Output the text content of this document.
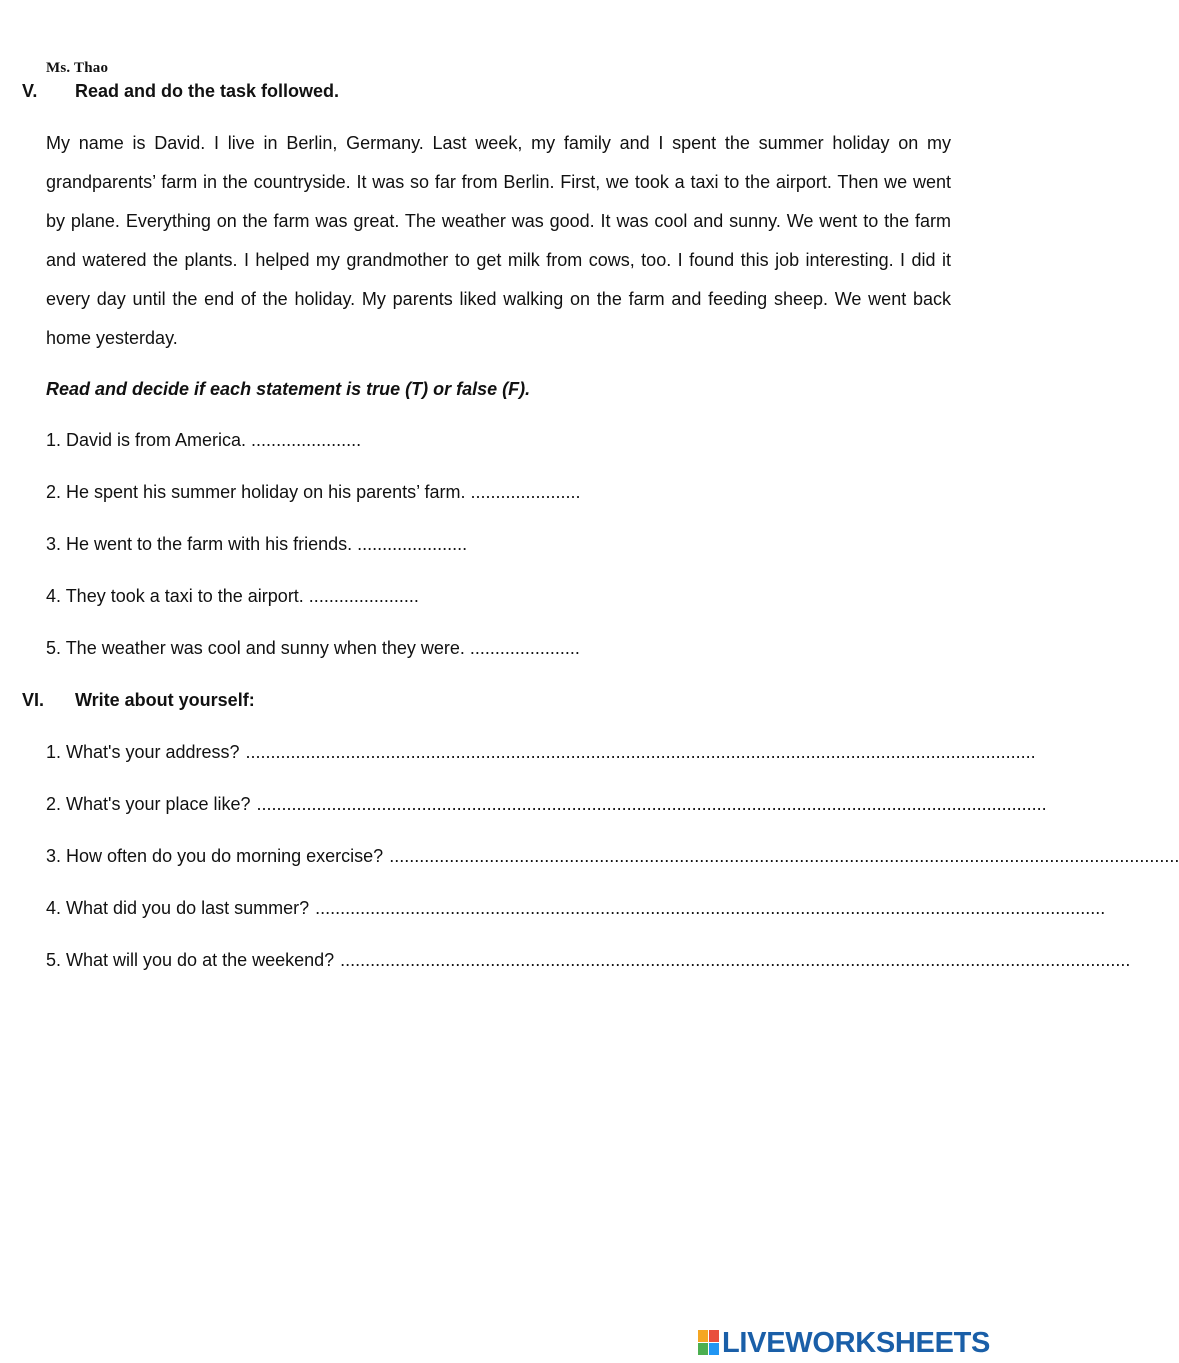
Ms. Thao
V. Read and do the task followed.

My name is David. I live in Berlin, Germany. Last week, my family and I spent the summer holiday on my grandparents’ farm in the countryside. It was so far from Berlin. First, we took a taxi to the airport. Then we went by plane. Everything on the farm was great. The weather was good. It was cool and sunny. We went to the farm and watered the plants. I helped my grandmother to get milk from cows, too. I found this job interesting. I did it every day until the end of the holiday. My parents liked walking on the farm and feeding sheep. We went back home yesterday.

Read and decide if each statement is true (T) or false (F).
1. David is from America. ......................
2. He spent his summer holiday on his parents’ farm. ......................
3. He went to the farm with his friends. ......................
4. They took a taxi to the airport. ......................
5. The weather was cool and sunny when they were. ......................
VI. Write about yourself:
1. What's your address? ..............................................................................................................................................................
2. What's your place like? ..............................................................................................................................................................
3. How often do you do morning exercise? ..............................................................................................................................................................
4. What did you do last summer? ..............................................................................................................................................................
5. What will you do at the weekend? ..............................................................................................................................................................
LIVEWORKSHEETS
